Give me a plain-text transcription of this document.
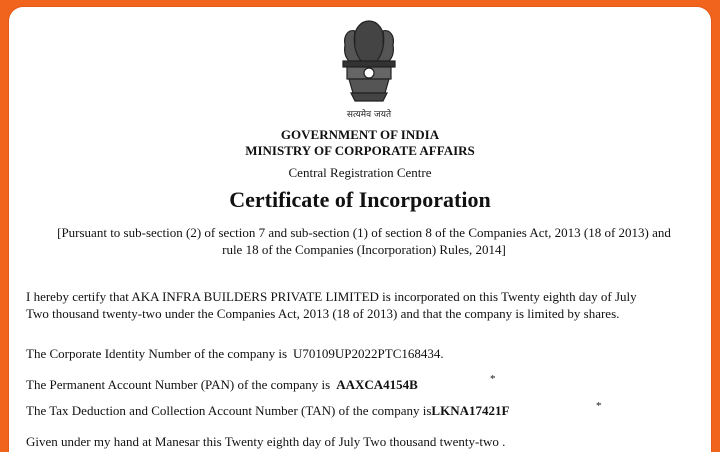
सत्यमेव जयते
GOVERNMENT OF INDIA
MINISTRY OF CORPORATE AFFAIRS
Central Registration Centre
Certificate of Incorporation
[Pursuant to sub-section (2) of section 7 and sub-section (1) of section 8 of the Companies Act, 2013 (18 of 2013) and
rule 18 of the Companies (Incorporation) Rules, 2014]
I hereby certify that AKA INFRA BUILDERS PRIVATE LIMITED is incorporated on this Twenty eighth day of July
Two thousand twenty-two under the Companies Act, 2013 (18 of 2013) and that the company is limited by shares.
The Corporate Identity Number of the company is U70109UP2022PTC168434.
The Permanent Account Number (PAN) of the company is AAXCA4154B	*
The Tax Deduction and Collection Account Number (TAN) of the company isLKNA17421F	*
Given under my hand at Manesar this Twenty eighth day of July Two thousand twenty-two .
